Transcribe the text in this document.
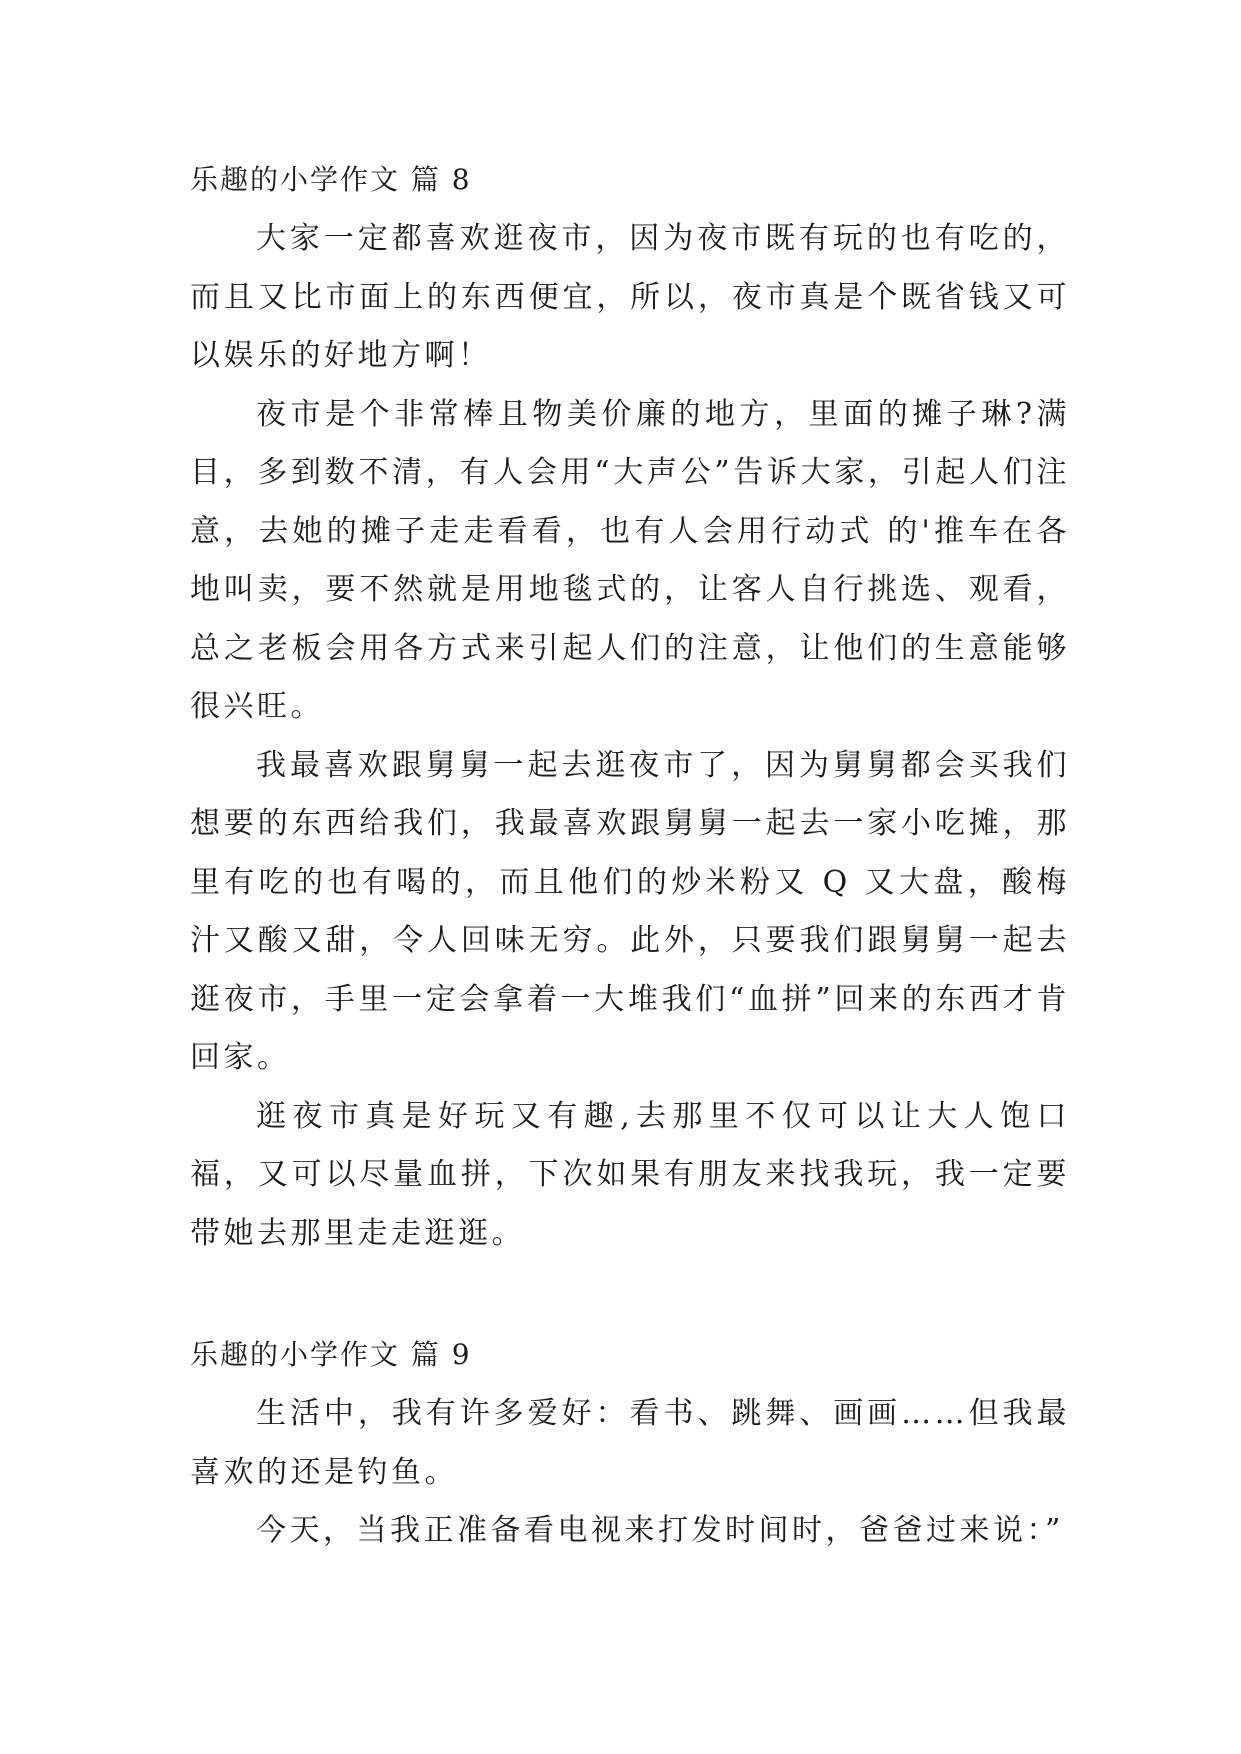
乐趣的小学作文 篇 8

大家一定都喜欢逛夜市，因为夜市既有玩的也有吃的，而且又比市面上的东西便宜，所以，夜市真是个既省钱又可以娱乐的好地方啊！

夜市是个非常棒且物美价廉的地方，里面的摊子琳?满目，多到数不清，有人会用“大声公”告诉大家，引起人们注意，去她的摊子走走看看，也有人会用行动式 的'推车在各地叫卖，要不然就是用地毯式的，让客人自行挑选、观看，总之老板会用各方式来引起人们的注意，让他们的生意能够很兴旺。

我最喜欢跟舅舅一起去逛夜市了，因为舅舅都会买我们想要的东西给我们，我最喜欢跟舅舅一起去一家小吃摊，那里有吃的也有喝的，而且他们的炒米粉又 Q 又大盘，酸梅汁又酸又甜，令人回味无穷。此外，只要我们跟舅舅一起去逛夜市，手里一定会拿着一大堆我们“血拼”回来的东西才肯回家。

逛夜市真是好玩又有趣,去那里不仅可以让大人饱口福，又可以尽量血拼，下次如果有朋友来找我玩，我一定要带她去那里走走逛逛。

乐趣的小学作文 篇 9

生活中，我有许多爱好：看书、跳舞、画画……但我最喜欢的还是钓鱼。

今天，当我正准备看电视来打发时间时，爸爸过来说：”
